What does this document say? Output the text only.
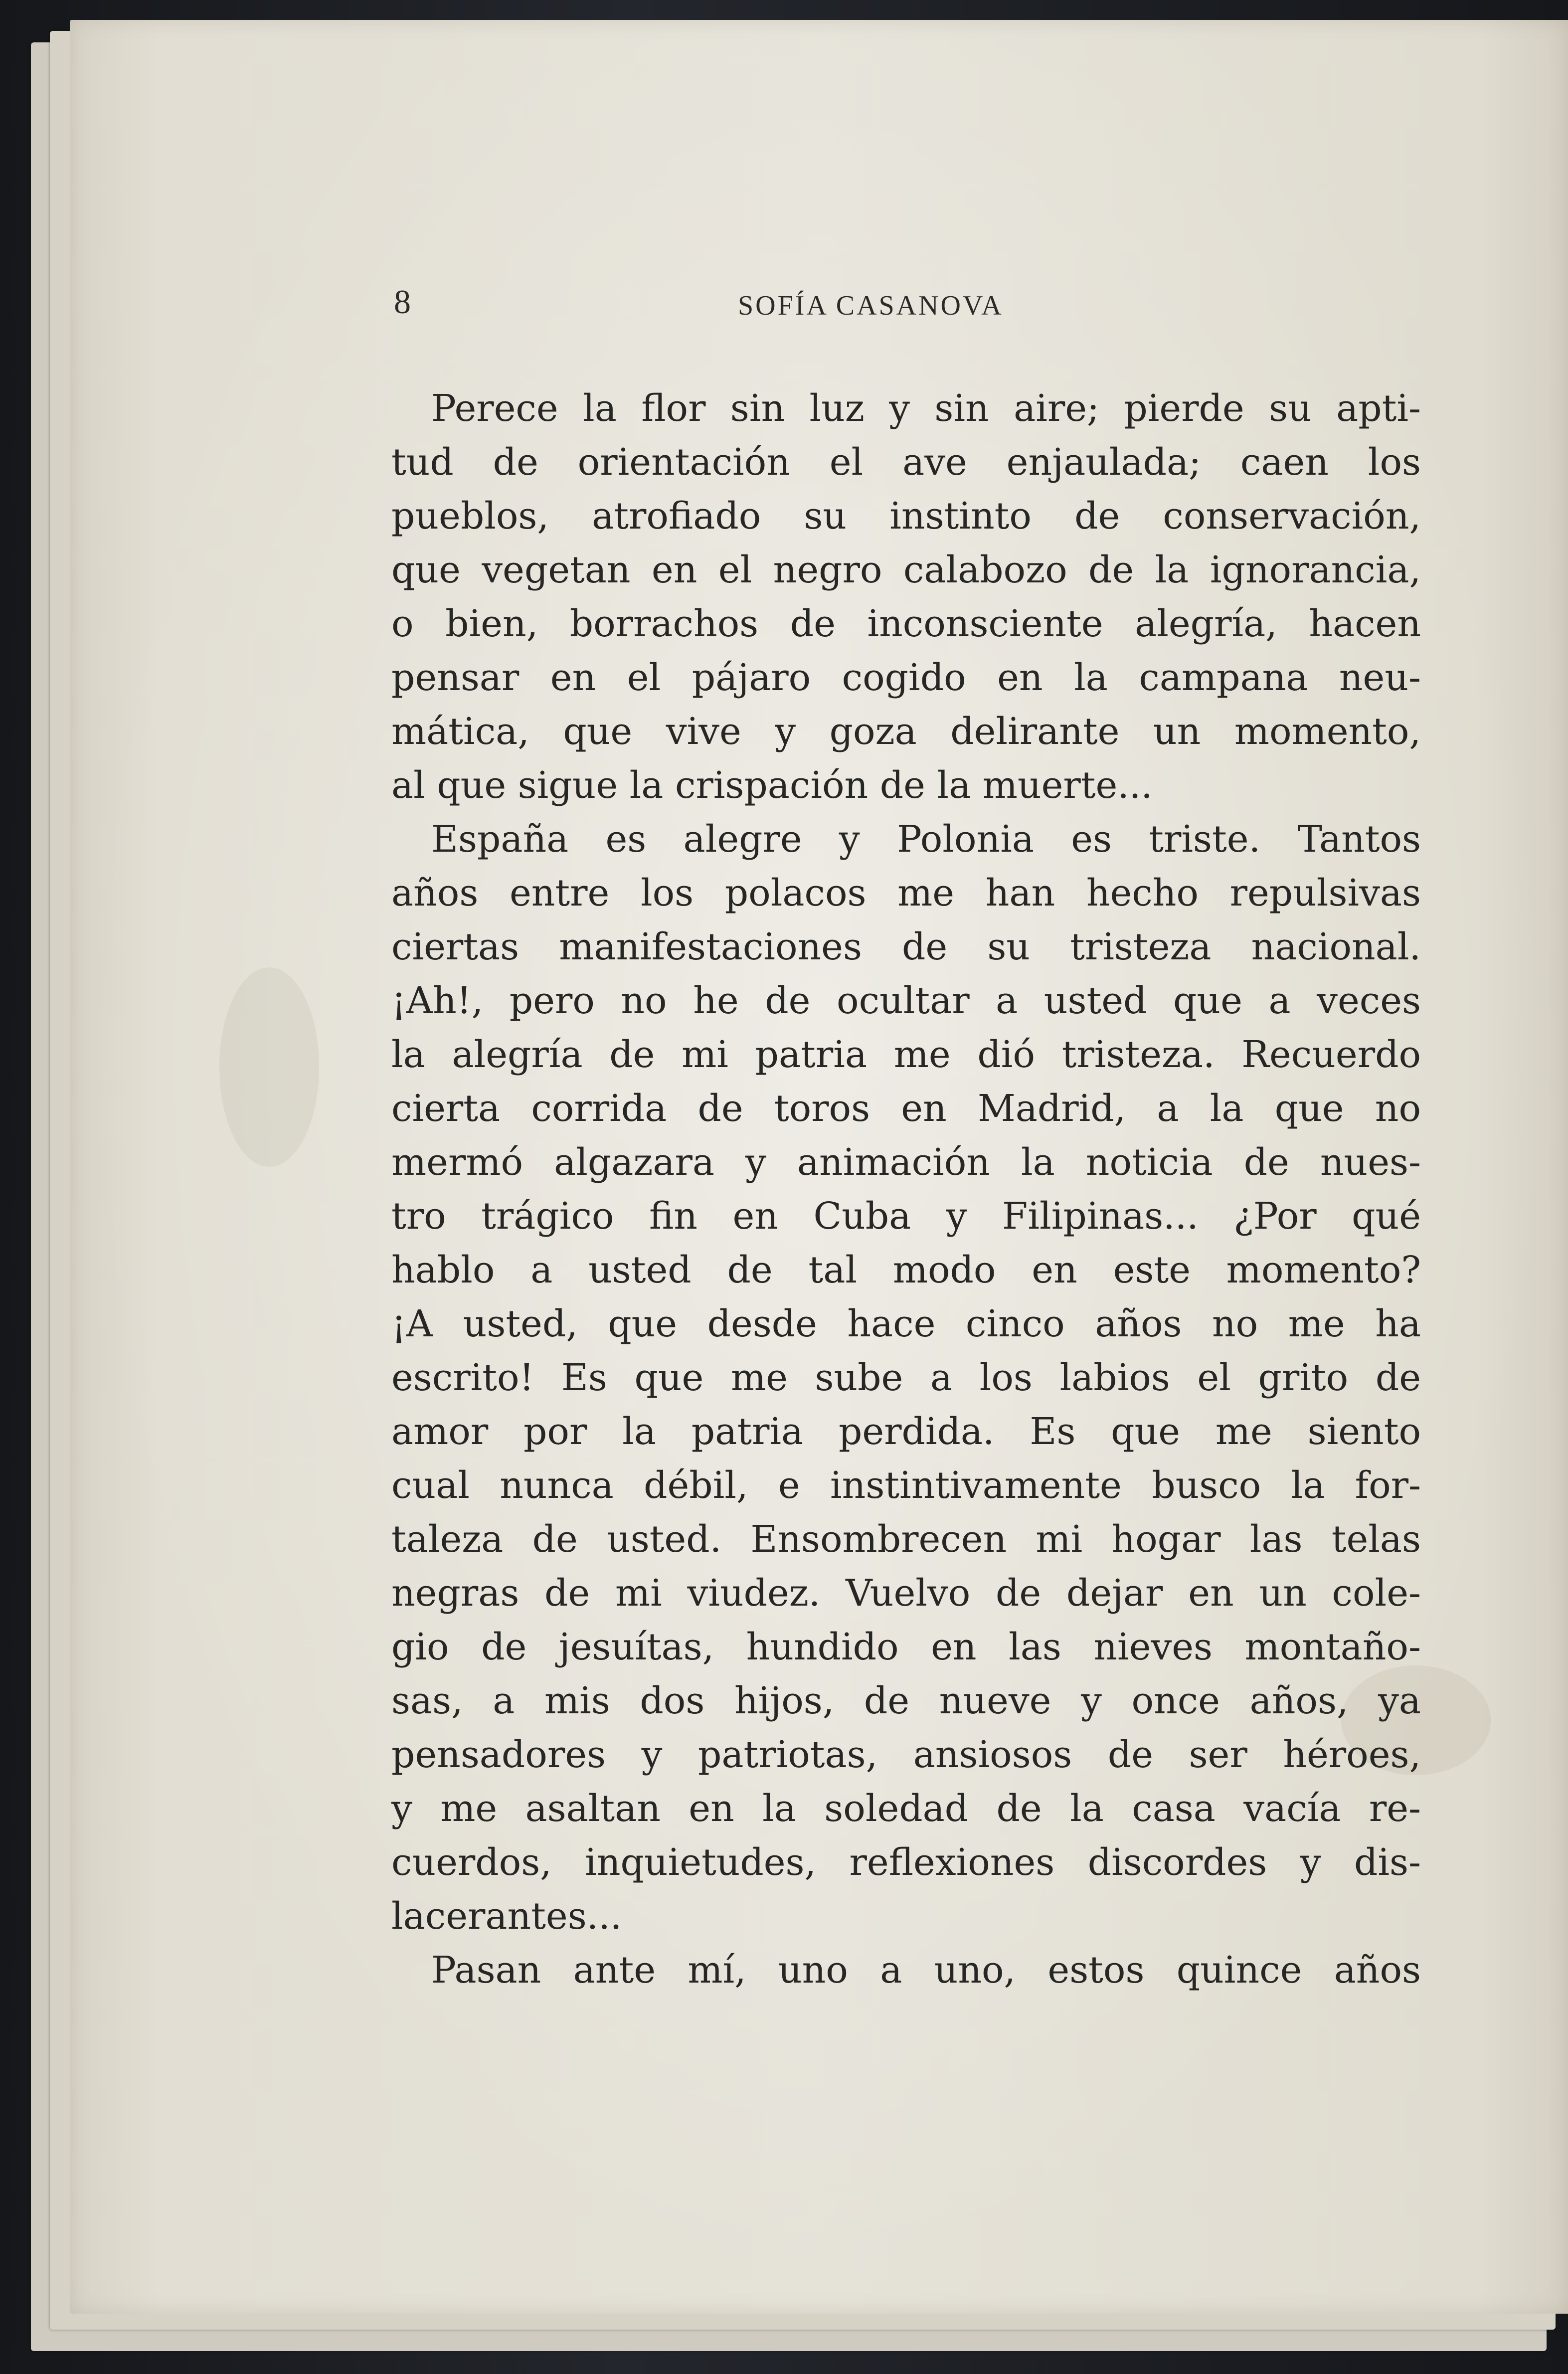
8	SOFÍA CASANOVA
Perece la flor sin luz y sin aire; pierde su apti-
tud de orientación el ave enjaulada; caen los
pueblos, atrofiado su instinto de conservación,
que vegetan en el negro calabozo de la ignorancia,
o bien, borrachos de inconsciente alegría, hacen
pensar en el pájaro cogido en la campana neu-
mática, que vive y goza delirante un momento,
al que sigue la crispación de la muerte...
España es alegre y Polonia es triste. Tantos
años entre los polacos me han hecho repulsivas
ciertas manifestaciones de su tristeza nacional.
¡Ah!, pero no he de ocultar a usted que a veces
la alegría de mi patria me dió tristeza. Recuerdo
cierta corrida de toros en Madrid, a la que no
mermó algazara y animación la noticia de nues-
tro trágico fin en Cuba y Filipinas... ¿Por qué
hablo a usted de tal modo en este momento?
¡A usted, que desde hace cinco años no me ha
escrito! Es que me sube a los labios el grito de
amor por la patria perdida. Es que me siento
cual nunca débil, e instintivamente busco la for-
taleza de usted. Ensombrecen mi hogar las telas
negras de mi viudez. Vuelvo de dejar en un cole-
gio de jesuítas, hundido en las nieves montaño-
sas, a mis dos hijos, de nueve y once años, ya
pensadores y patriotas, ansiosos de ser héroes,
y me asaltan en la soledad de la casa vacía re-
cuerdos, inquietudes, reflexiones discordes y dis-
lacerantes...
Pasan ante mí, uno a uno, estos quince años
